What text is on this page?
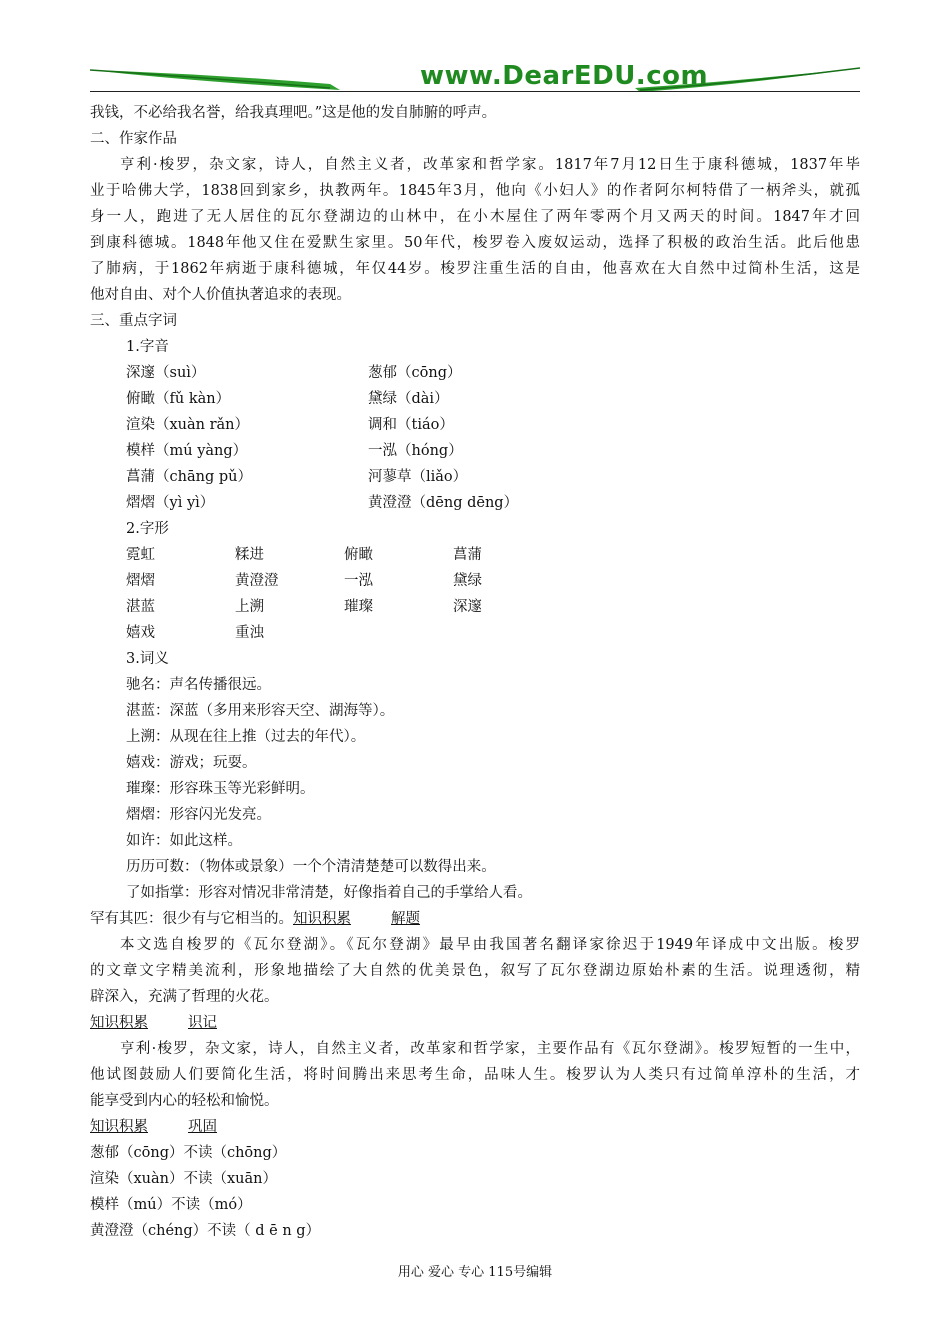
www.DearEDU.com
我钱，不必给我名誉，给我真理吧。”这是他的发自肺腑的呼声。
二、作家作品
亨利·梭罗，杂文家，诗人，自然主义者，改革家和哲学家。1817年7月12日生于康科德城，1837年毕
业于哈佛大学，1838回到家乡，执教两年。1845年3月，他向《小妇人》的作者阿尔柯特借了一柄斧头，就孤
身一人，跑进了无人居住的瓦尔登湖边的山林中，在小木屋住了两年零两个月又两天的时间。1847年才回
到康科德城。1848年他又住在爱默生家里。50年代，梭罗卷入废奴运动，选择了积极的政治生活。此后他患
了肺病，于1862年病逝于康科德城，年仅44岁。梭罗注重生活的自由，他喜欢在大自然中过简朴生活，这是
他对自由、对个人价值执著追求的表现。
三、重点字词
1.字音
深邃（suì）	葱郁（cōng）
俯瞰（fǔ kàn）	黛绿（dài）
渲染（xuàn rǎn）	调和（tiáo）
模样（mú yàng）	一泓（hóng）
菖蒲（chāng pǔ）	河蓼草（liǎo）
熠熠（yì yì）	黄澄澄（dēng dēng）
2.字形
霓虹	糅进	俯瞰	菖蒲
熠熠	黄澄澄	一泓	黛绿
湛蓝	上溯	璀璨	深邃
嬉戏	重浊
3.词义
驰名：声名传播很远。
湛蓝：深蓝（多用来形容天空、湖海等）。
上溯：从现在往上推（过去的年代）。
嬉戏：游戏；玩耍。
璀璨：形容珠玉等光彩鲜明。
熠熠：形容闪光发亮。
如许：如此这样。
历历可数：（物体或景象）一个个清清楚楚可以数得出来。
了如指掌：形容对情况非常清楚，好像指着自己的手掌给人看。
罕有其匹：很少有与它相当的。知识积累	解题
本文选自梭罗的《瓦尔登湖》。《瓦尔登湖》最早由我国著名翻译家徐迟于1949年译成中文出版。梭罗
的文章文字精美流利，形象地描绘了大自然的优美景色，叙写了瓦尔登湖边原始朴素的生活。说理透彻，精
辟深入，充满了哲理的火花。
知识积累	识记
亨利·梭罗，杂文家，诗人，自然主义者，改革家和哲学家，主要作品有《瓦尔登湖》。梭罗短暂的一生中，
他试图鼓励人们要简化生活，将时间腾出来思考生命，品味人生。梭罗认为人类只有过简单淳朴的生活，才
能享受到内心的轻松和愉悦。
知识积累	巩固
葱郁（cōng）不读（chōng）
渲染（xuàn）不读（xuān）
模样（mú）不读（mó）
黄澄澄（chéng）不读（ d ē n g）
用心 爱心 专心 115号编辑
